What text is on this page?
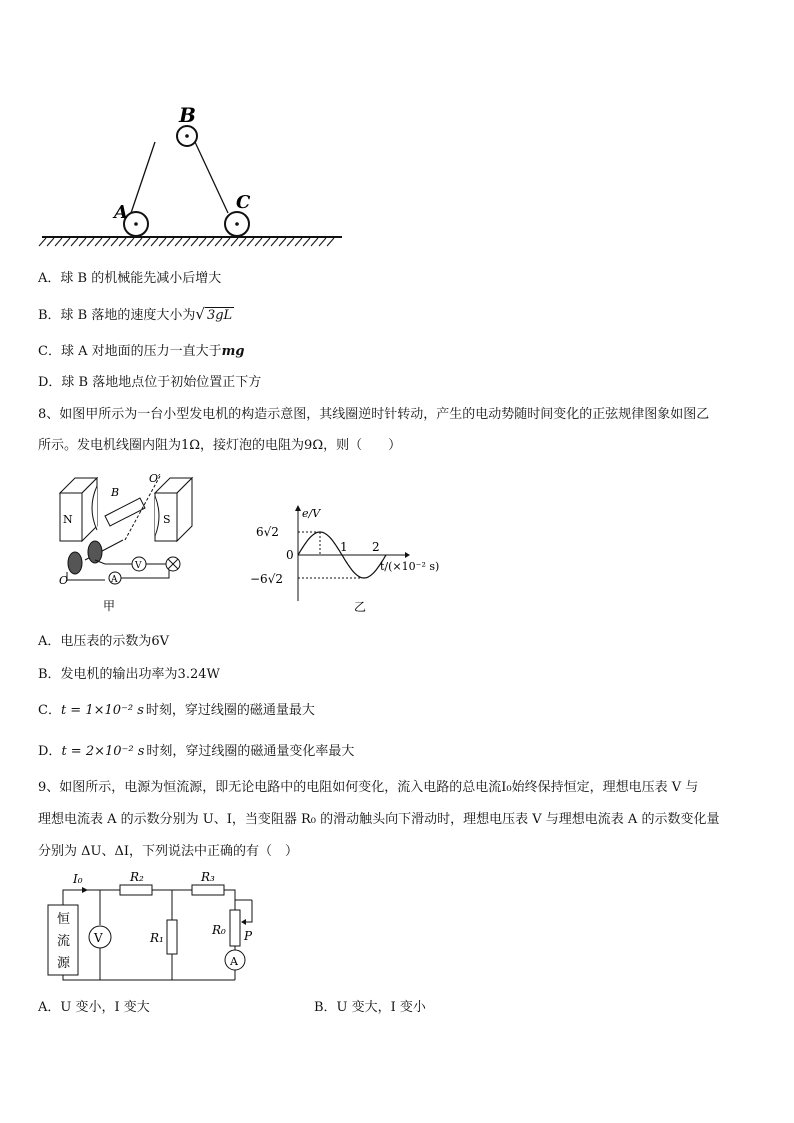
B
A	C
A．球 B 的机械能先减小后增大
B．球 B 落地的速度大小为√ 3gL
C．球 A 对地面的压力一直大于mg
D．球 B 落地地点位于初始位置正下方
8、如图甲所示为一台小型发电机的构造示意图，其线圈逆时针转动，产生的电动势随时间变化的正弦规律图象如图乙
所示。发电机线圈内阻为1Ω，接灯泡的电阻为9Ω，则（　　）
N	S
B
O′
O	A
V
甲
e/V
6√2
0
−6√2
1 2
t/(×10⁻² s)
乙
A．电压表的示数为6V
B．发电机的输出功率为3.24W
C．t = 1×10⁻² s 时刻，穿过线圈的磁通量最大
D．t = 2×10⁻² s 时刻，穿过线圈的磁通量变化率最大
9、如图所示，电源为恒流源，即无论电路中的电阻如何变化，流入电路的总电流I₀始终保持恒定，理想电压表 V 与
理想电流表 A 的示数分别为 U、I，当变阻器 R₀ 的滑动触头向下滑动时，理想电压表 V 与理想电流表 A 的示数变化量
分别为 ΔU、ΔI，下列说法中正确的有（　）
I₀	R₂	R₃
R₁
R₀ P
V
A
恒
流
源
A．U 变小，I 变大	B．U 变大，I 变小
